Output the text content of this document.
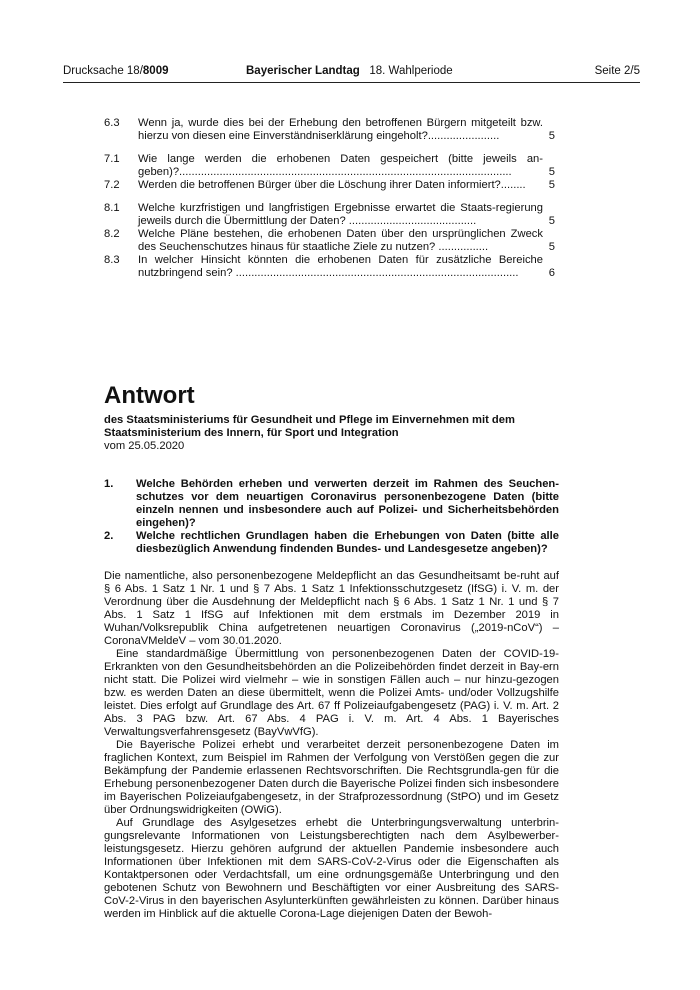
Drucksache 18/8009	Bayerischer Landtag 18. Wahlperiode	Seite 2/5
6.3 Wenn ja, wurde dies bei der Erhebung den betroffenen Bürgern mitgeteilt bzw. hierzu von diesen eine Einverständniserklärung eingeholt?.......................	5
7.1 Wie lange werden die erhobenen Daten gespeichert (bitte jeweils an-geben)?...........................................................................................................	5
7.2 Werden die betroffenen Bürger über die Löschung ihrer Daten informiert?........	5
8.1 Welche kurzfristigen und langfristigen Ergebnisse erwartet die Staats-regierung jeweils durch die Übermittlung der Daten? .........................................	5
8.2 Welche Pläne bestehen, die erhobenen Daten über den ursprünglichen Zweck des Seuchenschutzes hinaus für staatliche Ziele zu nutzen? ................	5
8.3 In welcher Hinsicht könnten die erhobenen Daten für zusätzliche Bereiche nutzbringend sein? ...........................................................................................	6
Antwort
des Staatsministeriums für Gesundheit und Pflege im Einvernehmen mit dem Staatsministerium des Innern, für Sport und Integration
vom 25.05.2020
1. Welche Behörden erheben und verwerten derzeit im Rahmen des Seuchen-schutzes vor dem neuartigen Coronavirus personenbezogene Daten (bitte einzeln nennen und insbesondere auch auf Polizei- und Sicherheitsbehörden eingehen)?
2. Welche rechtlichen Grundlagen haben die Erhebungen von Daten (bitte alle diesbezüglich Anwendung findenden Bundes- und Landesgesetze angeben)?

Die namentliche, also personenbezogene Meldepflicht an das Gesundheitsamt be-ruht auf § 6 Abs. 1 Satz 1 Nr. 1 und § 7 Abs. 1 Satz 1 Infektionsschutzgesetz (IfSG) i. V. m. der Verordnung über die Ausdehnung der Meldepflicht nach § 6 Abs. 1 Satz 1 Nr. 1 und § 7 Abs. 1 Satz 1 IfSG auf Infektionen mit dem erstmals im Dezember 2019 in Wuhan/Volksrepublik China aufgetretenen neuartigen Coronavirus („2019-nCoV“) – CoronaVMeldeV – vom 30.01.2020.

Eine standardmäßige Übermittlung von personenbezogenen Daten der COVID-19-Erkrankten von den Gesundheitsbehörden an die Polizeibehörden findet derzeit in Bay-ern nicht statt. Die Polizei wird vielmehr – wie in sonstigen Fällen auch – nur hinzu-gezogen bzw. es werden Daten an diese übermittelt, wenn die Polizei Amts- und/oder Vollzugshilfe leistet. Dies erfolgt auf Grundlage des Art. 67 ff Polizeiaufgabengesetz (PAG) i. V. m. Art. 2 Abs. 3 PAG bzw. Art. 67 Abs. 4 PAG i. V. m. Art. 4 Abs. 1 Bayerisches Verwaltungsverfahrensgesetz (BayVwVfG).

Die Bayerische Polizei erhebt und verarbeitet derzeit personenbezogene Daten im fraglichen Kontext, zum Beispiel im Rahmen der Verfolgung von Verstößen gegen die zur Bekämpfung der Pandemie erlassenen Rechtsvorschriften. Die Rechtsgrundla-gen für die Erhebung personenbezogener Daten durch die Bayerische Polizei finden sich insbesondere im Bayerischen Polizeiaufgabengesetz, in der Strafprozessordnung (StPO) und im Gesetz über Ordnungswidrigkeiten (OWiG).

Auf Grundlage des Asylgesetzes erhebt die Unterbringungsverwaltung unterbrin-gungsrelevante Informationen von Leistungsberechtigten nach dem Asylbewerber-leistungsgesetz. Hierzu gehören aufgrund der aktuellen Pandemie insbesondere auch Informationen über Infektionen mit dem SARS-CoV-2-Virus oder die Eigenschaften als Kontaktpersonen oder Verdachtsfall, um eine ordnungsgemäße Unterbringung und den gebotenen Schutz von Bewohnern und Beschäftigten vor einer Ausbreitung des SARS-CoV-2-Virus in den bayerischen Asylunterkünften gewährleisten zu können. Darüber hinaus werden im Hinblick auf die aktuelle Corona-Lage diejenigen Daten der Bewoh-
